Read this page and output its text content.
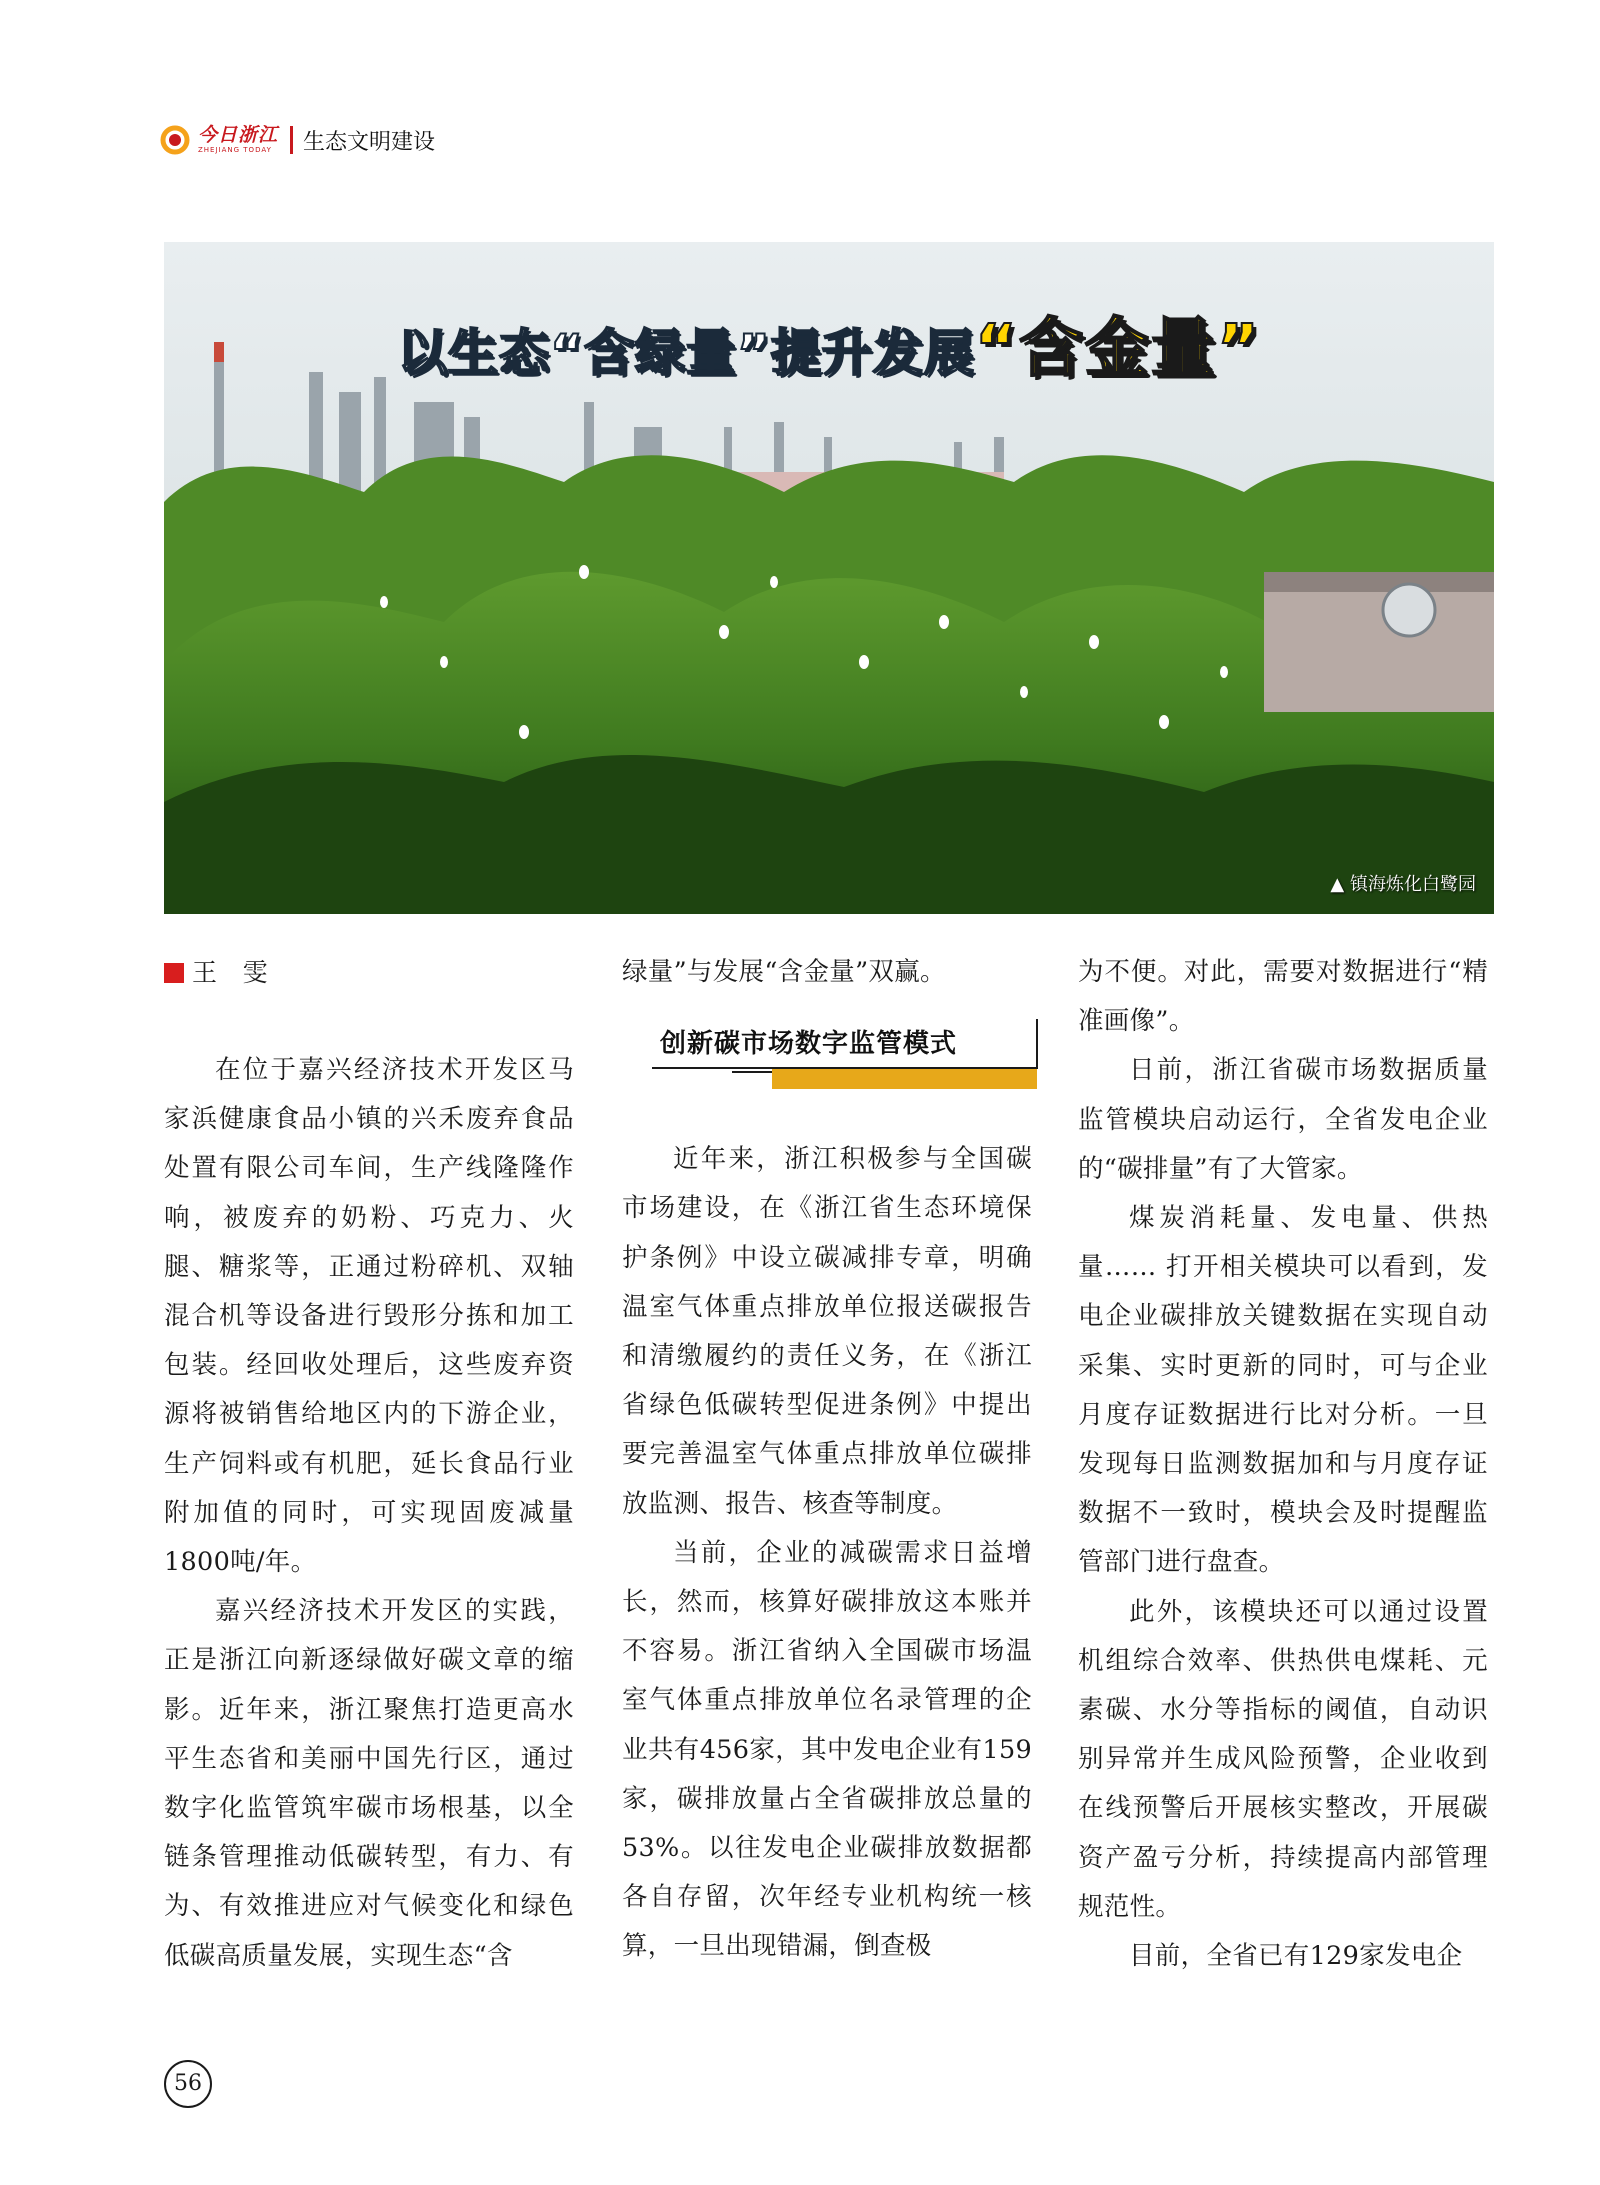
今日浙江
ZHEJIANG TODAY 生态文明建设
以生态“含绿量”提升发展“含金量”
▲ 镇海炼化白鹭园
王　雯

在位于嘉兴经济技术开发区马家浜健康食品小镇的兴禾废弃食品处置有限公司车间，生产线隆隆作响，被废弃的奶粉、巧克力、火腿、糖浆等，正通过粉碎机、双轴混合机等设备进行毁形分拣和加工包装。经回收处理后，这些废弃资源将被销售给地区内的下游企业，生产饲料或有机肥，延长食品行业附加值的同时，可实现固废减量1800吨/年。

嘉兴经济技术开发区的实践，正是浙江向新逐绿做好碳文章的缩影。近年来，浙江聚焦打造更高水平生态省和美丽中国先行区，通过数字化监管筑牢碳市场根基，以全链条管理推动低碳转型，有力、有为、有效推进应对气候变化和绿色低碳高质量发展，实现生态“含

绿量”与发展“含金量”双赢。

创新碳市场数字监管模式

近年来，浙江积极参与全国碳市场建设，在《浙江省生态环境保护条例》中设立碳减排专章，明确温室气体重点排放单位报送碳报告和清缴履约的责任义务，在《浙江省绿色低碳转型促进条例》中提出要完善温室气体重点排放单位碳排放监测、报告、核查等制度。

当前，企业的减碳需求日益增长，然而，核算好碳排放这本账并不容易。浙江省纳入全国碳市场温室气体重点排放单位名录管理的企业共有456家，其中发电企业有159家，碳排放量占全省碳排放总量的53%。以往发电企业碳排放数据都各自存留，次年经专业机构统一核算，一旦出现错漏，倒查极

为不便。对此，需要对数据进行“精准画像”。

日前，浙江省碳市场数据质量监管模块启动运行，全省发电企业的“碳排量”有了大管家。

煤炭消耗量、发电量、供热量…… 打开相关模块可以看到，发电企业碳排放关键数据在实现自动采集、实时更新的同时，可与企业月度存证数据进行比对分析。一旦发现每日监测数据加和与月度存证数据不一致时，模块会及时提醒监管部门进行盘查。

此外，该模块还可以通过设置机组综合效率、供热供电煤耗、元素碳、水分等指标的阈值，自动识别异常并生成风险预警，企业收到在线预警后开展核实整改，开展碳资产盈亏分析，持续提高内部管理规范性。

目前，全省已有129家发电企

56
